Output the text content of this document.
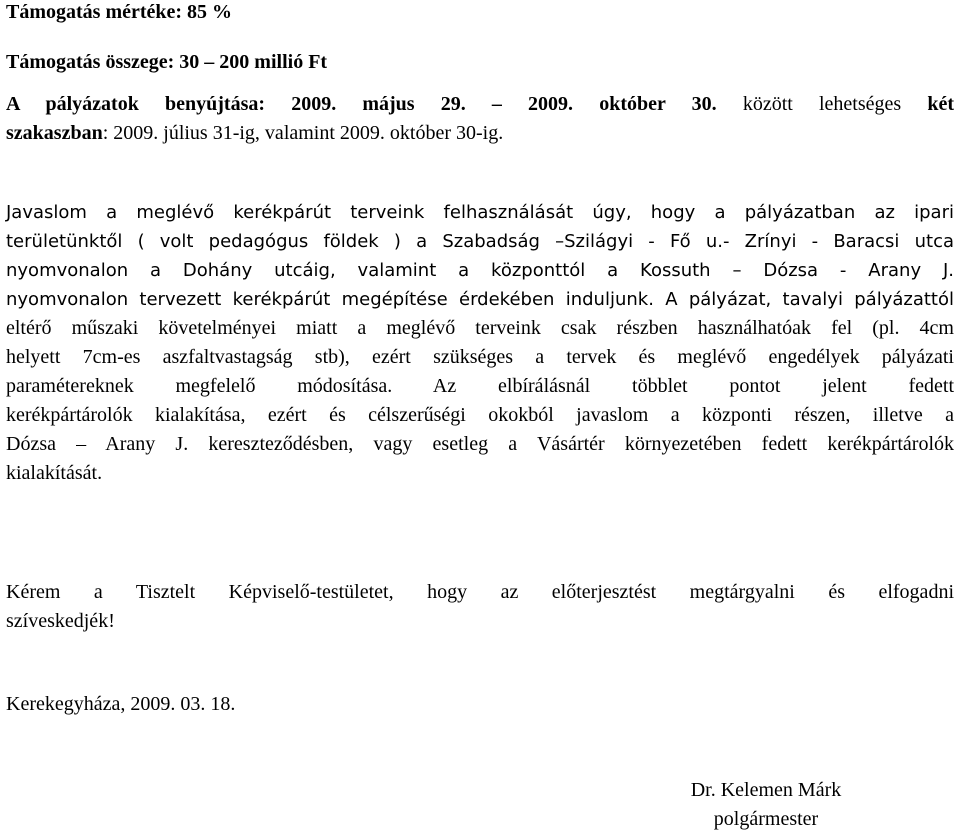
Támogatás mértéke: 85 %

Támogatás összege: 30 – 200 millió Ft

A pályázatok benyújtása: 2009. május 29. – 2009. október 30. között lehetséges két
szakaszban: 2009. július 31-ig, valamint 2009. október 30-ig.
Javaslom a meglévő kerékpárút terveink felhasználását úgy, hogy a pályázatban az ipari
területünktől ( volt pedagógus földek ) a Szabadság –Szilágyi - Fő u.- Zrínyi - Baracsi utca
nyomvonalon a Dohány utcáig, valamint a központtól a Kossuth – Dózsa - Arany J.
nyomvonalon tervezett kerékpárút megépítése érdekében induljunk. A pályázat, tavalyi pályázattól
eltérő műszaki követelményei miatt a meglévő terveink csak részben használhatóak fel (pl. 4cm
helyett 7cm-es aszfaltvastagság stb), ezért szükséges a tervek és meglévő engedélyek pályázati
paramétereknek megfelelő módosítása. Az elbírálásnál többlet pontot jelent fedett
kerékpártárolók kialakítása, ezért és célszerűségi okokból javaslom a központi részen, illetve a
Dózsa – Arany J. kereszteződésben, vagy esetleg a Vásártér környezetében fedett kerékpártárolók
kialakítását.
Kérem a Tisztelt Képviselő-testületet, hogy az előterjesztést megtárgyalni és elfogadni
szíveskedjék!

Kerekegyháza, 2009. 03. 18.

Dr. Kelemen Márk
polgármester
